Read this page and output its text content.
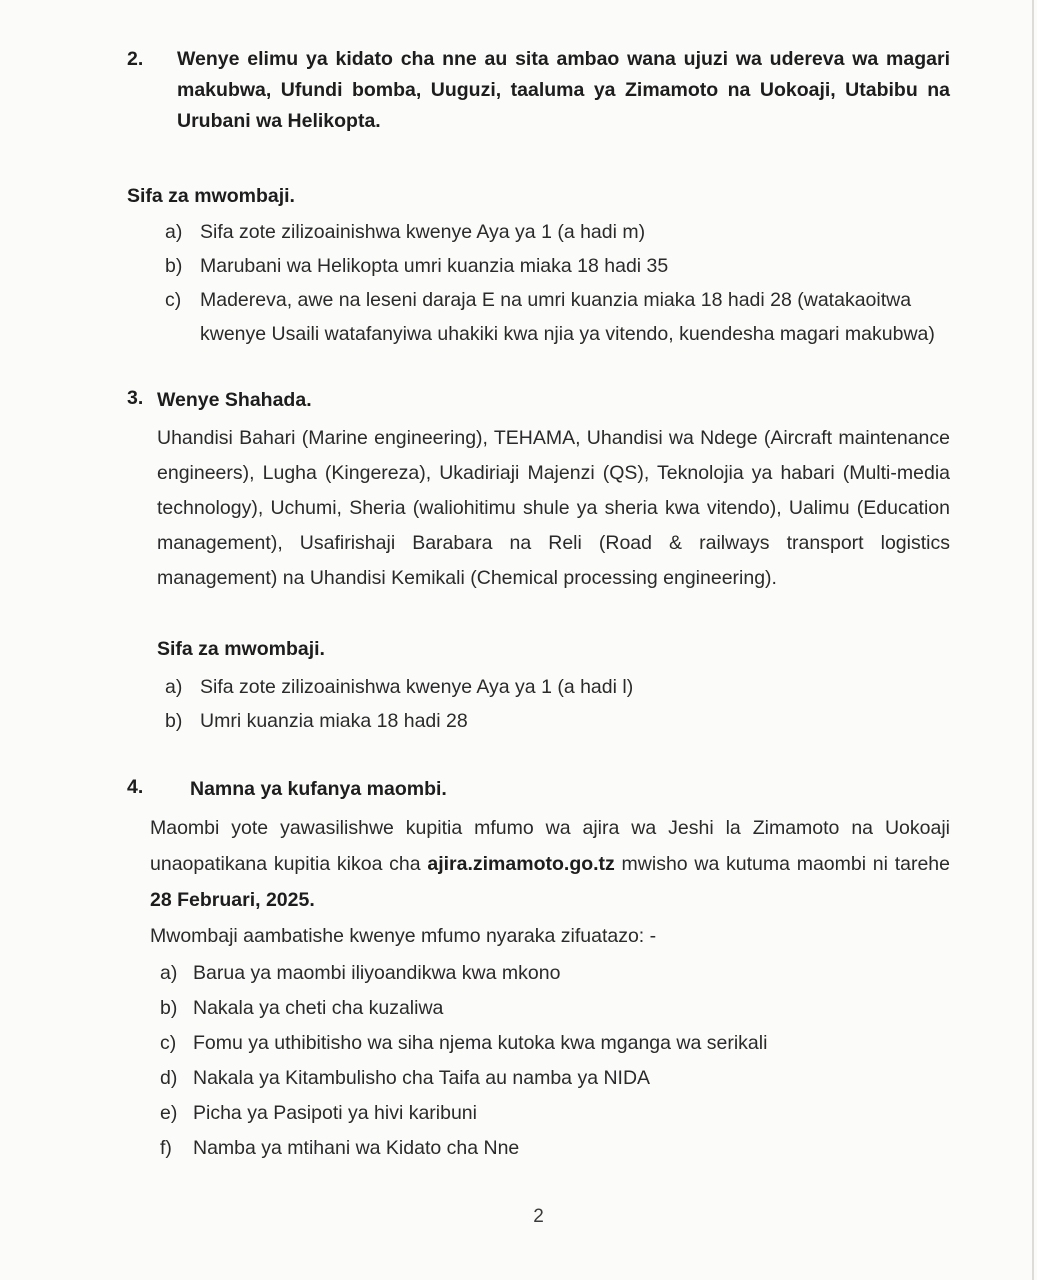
2.	Wenye elimu ya kidato cha nne au sita ambao wana ujuzi wa udereva wa magari makubwa, Ufundi bomba, Uuguzi, taaluma ya Zimamoto na Uokoaji, Utabibu na Urubani wa Helikopta.
Sifa za mwombaji.
a) Sifa zote zilizoainishwa kwenye Aya ya 1 (a hadi m)
b) Marubani wa Helikopta umri kuanzia miaka 18 hadi 35
c) Madereva, awe na leseni daraja E na umri kuanzia miaka 18 hadi 28 (watakaoitwa kwenye Usaili watafanyiwa uhakiki kwa njia ya vitendo, kuendesha magari makubwa)
3. Wenye Shahada.
Uhandisi Bahari (Marine engineering), TEHAMA, Uhandisi wa Ndege (Aircraft maintenance engineers), Lugha (Kingereza), Ukadiriaji Majenzi (QS), Teknolojia ya habari (Multi-media technology), Uchumi, Sheria (waliohitimu shule ya sheria kwa vitendo), Ualimu (Education management), Usafirishaji Barabara na Reli (Road & railways transport logistics management) na Uhandisi Kemikali (Chemical processing engineering).
Sifa za mwombaji.
a) Sifa zote zilizoainishwa kwenye Aya ya 1 (a hadi l)
b) Umri kuanzia miaka 18 hadi 28
4.	Namna ya kufanya maombi.
Maombi yote yawasilishwe kupitia mfumo wa ajira wa Jeshi la Zimamoto na Uokoaji unaopatikana kupitia kikoa cha ajira.zimamoto.go.tz mwisho wa kutuma maombi ni tarehe 28 Februari, 2025.
Mwombaji aambatishe kwenye mfumo nyaraka zifuatazo: -
a) Barua ya maombi iliyoandikwa kwa mkono
b) Nakala ya cheti cha kuzaliwa
c) Fomu ya uthibitisho wa siha njema kutoka kwa mganga wa serikali
d) Nakala ya Kitambulisho cha Taifa au namba ya NIDA
e) Picha ya Pasipoti ya hivi karibuni
f)	Namba ya mtihani wa Kidato cha Nne
2
